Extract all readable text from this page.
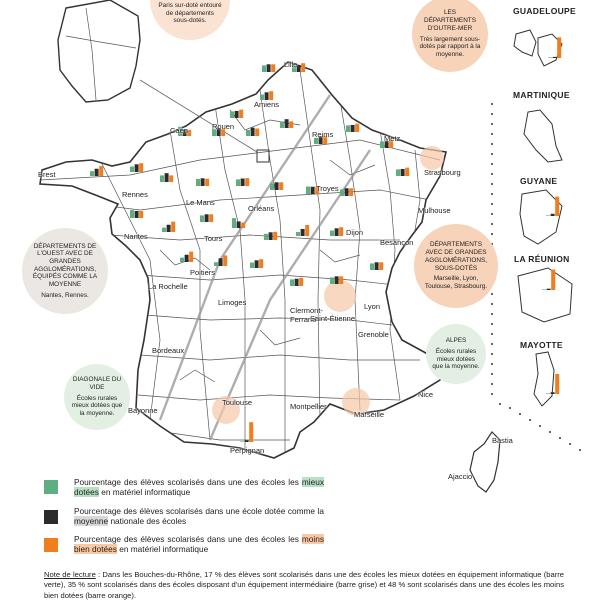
Paris sur-doté entouré de départements sous-dotés.
LES DÉPARTEMENTS D'OUTRE-MER
Très largement sous-dotés par rapport à la moyenne.
DÉPARTEMENTS DE L'OUEST AVEC DE GRANDES AGGLOMÉRATIONS, ÉQUIPÉS COMME LA MOYENNE
Nantes, Rennes.
DÉPARTEMENTS AVEC DE GRANDES AGGLOMÉRATIONS, SOUS-DOTÉS
Marseille, Lyon, Toulouse, Strasbourg.
ALPES
Écoles rurales mieux dotées que la moyenne.
DIAGONALE DU VIDE
Écoles rurales mieux dotées que la moyenne.
GUADELOUPE
MARTINIQUE
GUYANE
LA RÉUNION
MAYOTTE
Lille
Amiens
Caen	Rouen
Reims	Metz
Brest
Rennes
Le Mans
Orléans
Troyes
Strasbourg
Mulhouse
Nantes	Tours
Dijon
Besançon
Poitiers
La Rochelle
Limoges
Clermont-Ferrand
Lyon
Saint-Étienne
Grenoble
Bordeaux
Toulouse	Montpellier
Nice
Marseille
Bayonne
Perpignan
Bastia
Ajaccio
Pourcentage des élèves scolarisés dans une des écoles les mieux dotées en matériel informatique
Pourcentage des élèves scolarisés dans une école dotée comme la moyenne nationale des écoles
Pourcentage des élèves scolarisés dans une des écoles les moins bien dotées en matériel informatique
Note de lecture : Dans les Bouches-du-Rhône, 17 % des élèves sont scolarisés dans une des écoles les mieux dotées en équipement informatique (barre verte), 35 % sont scolarisés dans des écoles disposant d'un équipement intermédiaire (barre grise) et 48 % sont scolarisés dans une des écoles les moins bien dotées (barre orange).
